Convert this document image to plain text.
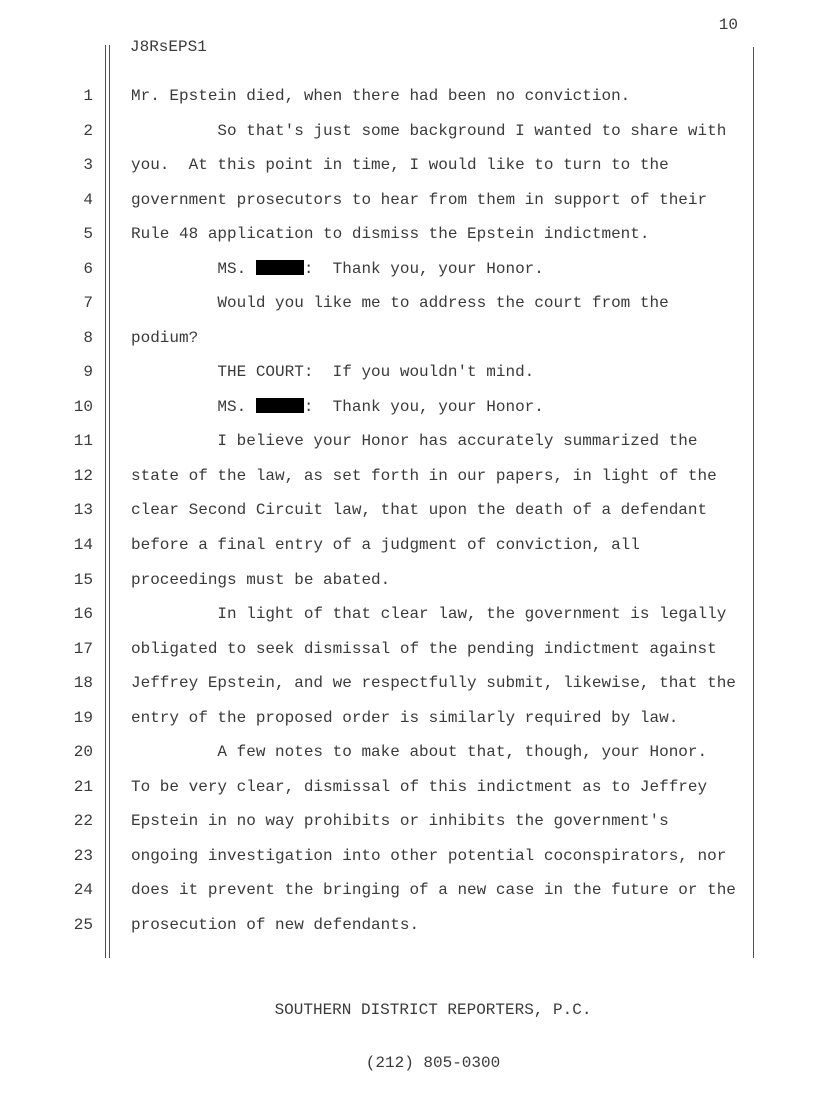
10
J8RsEPS1
1 Mr. Epstein died, when there had been no conviction.
2 So that's just some background I wanted to share with
3 you.  At this point in time, I would like to turn to the
4 government prosecutors to hear from them in support of their
5 Rule 48 application to dismiss the Epstein indictment.
6 MS.	:  Thank you, your Honor.
7 Would you like me to address the court from the
8 podium?
9 THE COURT:  If you wouldn't mind.
10 MS.	:  Thank you, your Honor.
11 I believe your Honor has accurately summarized the
12 state of the law, as set forth in our papers, in light of the
13 clear Second Circuit law, that upon the death of a defendant
14 before a final entry of a judgment of conviction, all
15 proceedings must be abated.
16 In light of that clear law, the government is legally
17 obligated to seek dismissal of the pending indictment against
18 Jeffrey Epstein, and we respectfully submit, likewise, that the
19 entry of the proposed order is similarly required by law.
20 A few notes to make about that, though, your Honor.
21 To be very clear, dismissal of this indictment as to Jeffrey
22 Epstein in no way prohibits or inhibits the government's
23 ongoing investigation into other potential coconspirators, nor
24 does it prevent the bringing of a new case in the future or the
25 prosecution of new defendants.

SOUTHERN DISTRICT REPORTERS, P.C.

(212) 805-0300
